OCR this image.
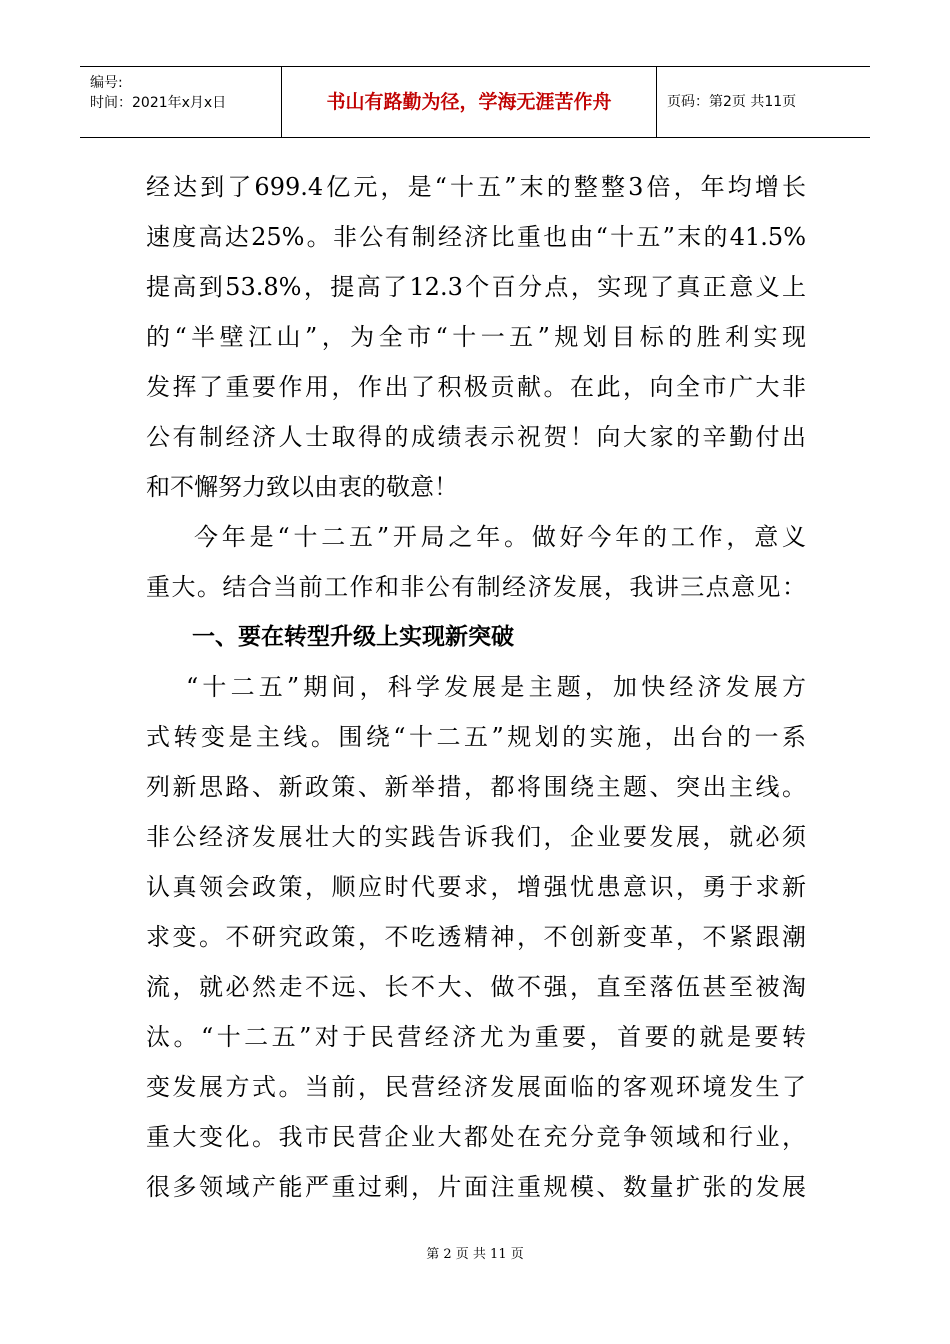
编号:
时间：2021年x月x日	书山有路勤为径，学海无涯苦作舟	页码：第2页 共11页
经达到了699.4亿元，是“十五”末的整整3倍，年均增长
速度高达25%。非公有制经济比重也由“十五”末的41.5%
提高到53.8%，提高了12.3个百分点，实现了真正意义上
的“半壁江山”，为全市“十一五”规划目标的胜利实现
发挥了重要作用，作出了积极贡献。在此，向全市广大非
公有制经济人士取得的成绩表示祝贺！向大家的辛勤付出
和不懈努力致以由衷的敬意！
今年是“十二五”开局之年。做好今年的工作，意义
重大。结合当前工作和非公有制经济发展，我讲三点意见：
一、要在转型升级上实现新突破
“十二五”期间，科学发展是主题，加快经济发展方
式转变是主线。围绕“十二五”规划的实施，出台的一系
列新思路、新政策、新举措，都将围绕主题、突出主线。
非公经济发展壮大的实践告诉我们，企业要发展，就必须
认真领会政策，顺应时代要求，增强忧患意识，勇于求新
求变。不研究政策，不吃透精神，不创新变革，不紧跟潮
流，就必然走不远、长不大、做不强，直至落伍甚至被淘
汰。“十二五”对于民营经济尤为重要，首要的就是要转
变发展方式。当前，民营经济发展面临的客观环境发生了
重大变化。我市民营企业大都处在充分竞争领域和行业，
很多领域产能严重过剩，片面注重规模、数量扩张的发展
第 2 页 共 11 页
